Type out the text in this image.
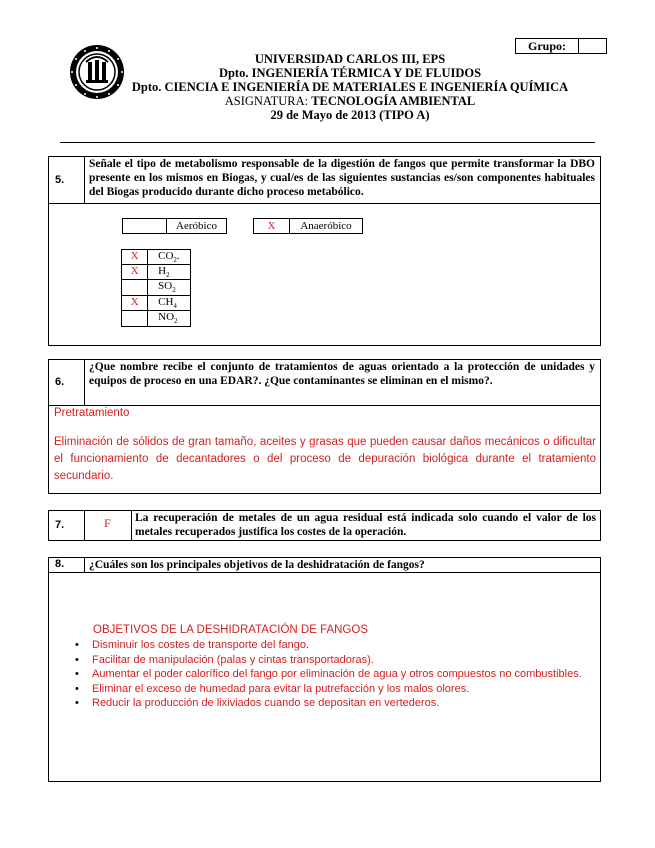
Grupo:
UNIVERSIDAD CARLOS III, EPS
Dpto. INGENIERÍA TÉRMICA Y DE FLUIDOS
Dpto. CIENCIA E INGENIERÍA DE MATERIALES E INGENIERÍA QUÍMICA
ASIGNATURA: TECNOLOGÍA AMBIENTAL
29 de Mayo de 2013 (TIPO A)
5.
Señale el tipo de metabolismo responsable de la digestión de fangos que permite transformar la DBO presente en los mismos en Biogas, y cual/es de las siguientes sustancias es/son componentes habituales del Biogas producido durante dicho proceso metabólico.
Aeróbico	X	Anaeróbico
X	$CO_2$.
X	$H_2$
$SO_2$
X	$CH_4$
$NO_2$
6.
¿Que nombre recibe el conjunto de tratamientos de aguas orientado a la protección de unidades y equipos de proceso en una EDAR?. ¿Que contaminantes se eliminan en el mismo?.
Pretratamiento
Eliminación de sólidos de gran tamaño, aceites y grasas que pueden causar daños mecánicos o dificultar el funcionamiento de decantadores o del proceso de depuración biológica durante el tratamiento secundario.
7.	F	La recuperación de metales de un agua residual está indicada solo cuando el valor de los metales recuperados justifica los costes de la operación.
8. ¿Cuáles son los principales objetivos de la deshidratación de fangos?
OBJETIVOS DE LA DESHIDRATACIÓN DE FANGOS
• Disminuir los costes de transporte del fango.
• Facilitar de manipulación (palas y cintas transportadoras).
• Aumentar el poder calorífico del fango por eliminación de agua y otros compuestos no combustibles.
• Eliminar el exceso de humedad para evitar la putrefacción y los malos olores.
• Reducir la producción de lixiviados cuando se depositan en vertederos.
